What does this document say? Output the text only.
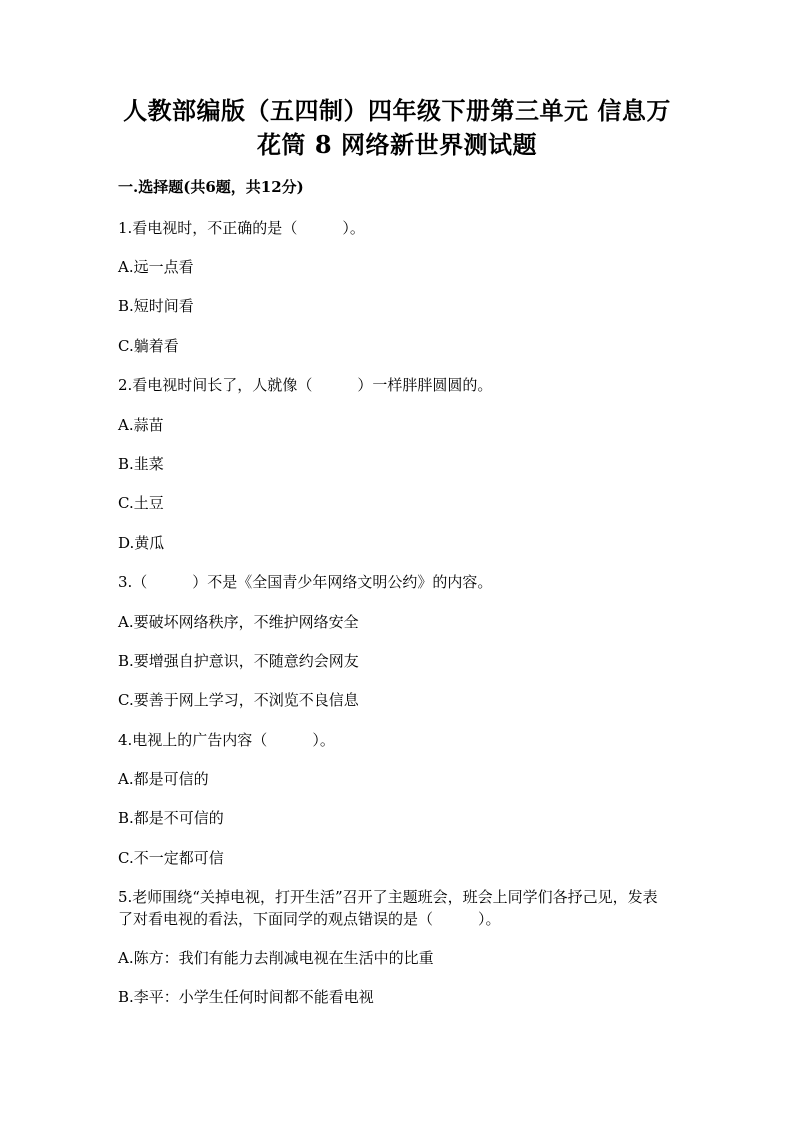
人教部编版（五四制）四年级下册第三单元 信息万
花筒 8 网络新世界测试题
一.选择题(共6题，共12分)
1.看电视时，不正确的是（　　　）。
A.远一点看
B.短时间看
C.躺着看
2.看电视时间长了，人就像（　　　）一样胖胖圆圆的。
A.蒜苗
B.韭菜
C.土豆
D.黄瓜
3.（　　　）不是《全国青少年网络文明公约》的内容。
A.要破坏网络秩序，不维护网络安全
B.要增强自护意识，不随意约会网友
C.要善于网上学习，不浏览不良信息
4.电视上的广告内容（　　　）。
A.都是可信的
B.都是不可信的
C.不一定都可信
5.老师围绕“关掉电视，打开生活”召开了主题班会，班会上同学们各抒己见，发表了对看电视的看法，下面同学的观点错误的是（　　　）。
A.陈方：我们有能力去削减电视在生活中的比重
B.李平：小学生任何时间都不能看电视
